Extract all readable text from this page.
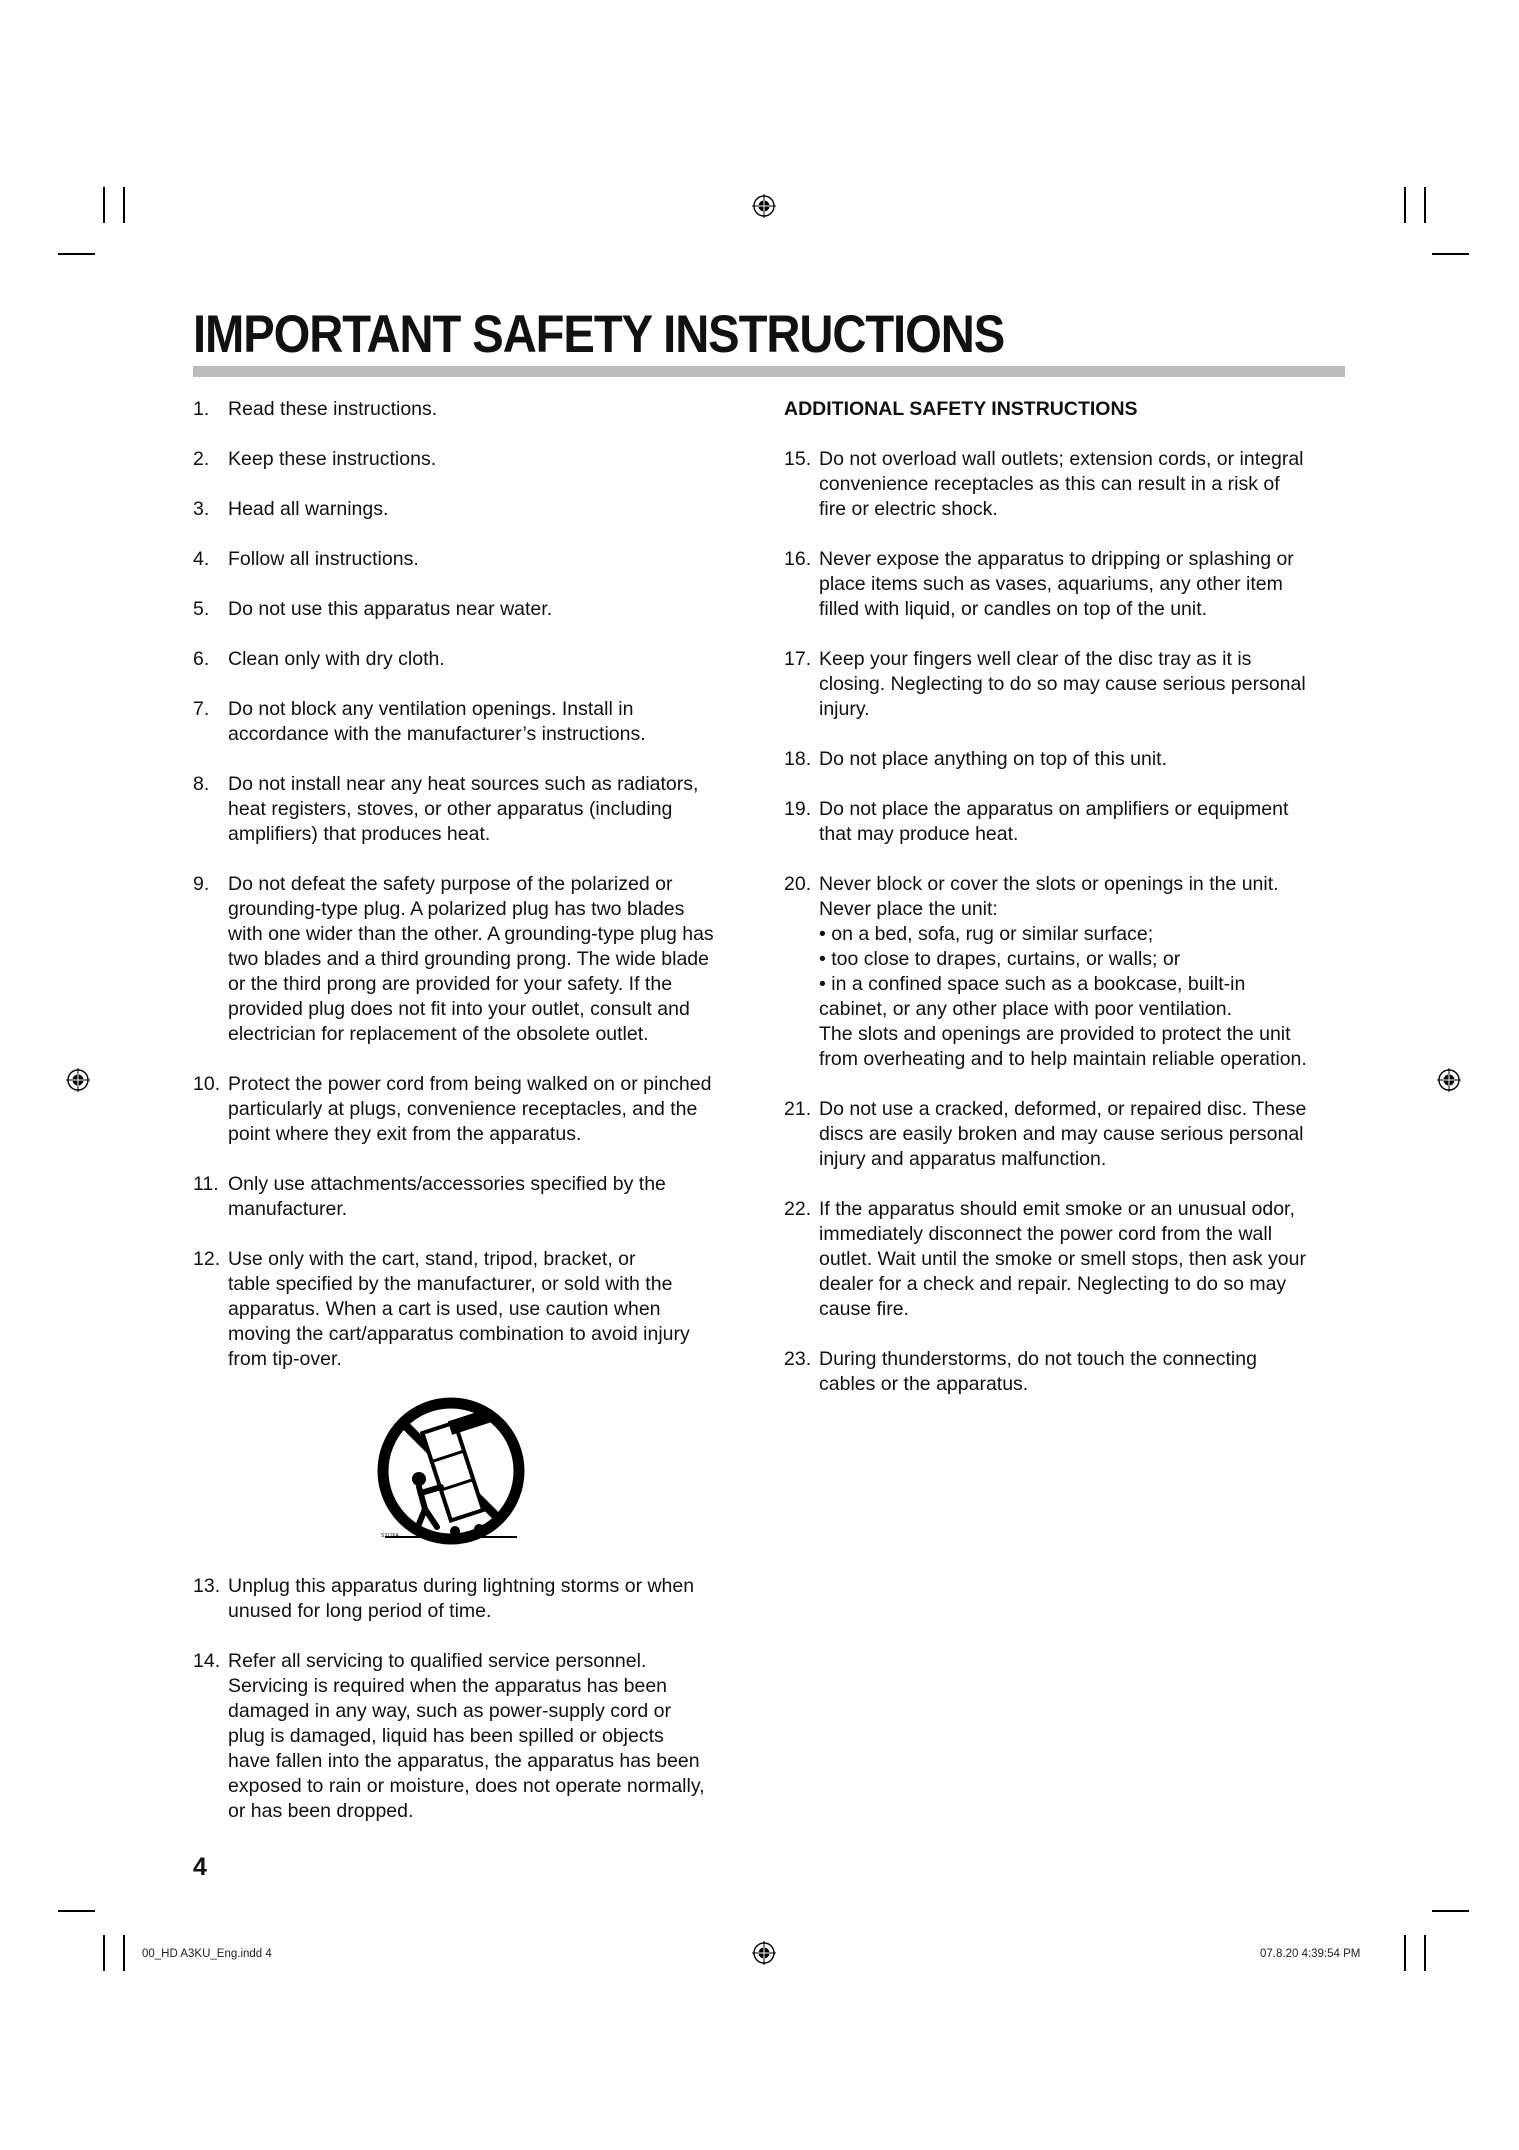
IMPORTANT SAFETY INSTRUCTIONS
1. Read these instructions.
2. Keep these instructions.
3. Head all warnings.
4. Follow all instructions.
5. Do not use this apparatus near water.
6. Clean only with dry cloth.
7. Do not block any ventilation openings. Install in
accordance with the manufacturer’s instructions.
8. Do not install near any heat sources such as radiators,
heat registers, stoves, or other apparatus (including
amplifiers) that produces heat.
9. Do not defeat the safety purpose of the polarized or
grounding-type plug. A polarized plug has two blades
with one wider than the other. A grounding-type plug has
two blades and a third grounding prong. The wide blade
or the third prong are provided for your safety. If the
provided plug does not fit into your outlet, consult and
electrician for replacement of the obsolete outlet.
10. Protect the power cord from being walked on or pinched
particularly at plugs, convenience receptacles, and the
point where they exit from the apparatus.
11. Only use attachments/accessories specified by the
manufacturer.
12. Use only with the cart, stand, tripod, bracket, or
table specified by the manufacturer, or sold with the
apparatus. When a cart is used, use caution when
moving the cart/apparatus combination to avoid injury
from tip-over.
13. Unplug this apparatus during lightning storms or when
unused for long period of time.
14. Refer all servicing to qualified service personnel.
Servicing is required when the apparatus has been
damaged in any way, such as power-supply cord or
plug is damaged, liquid has been spilled or objects
have fallen into the apparatus, the apparatus has been
exposed to rain or moisture, does not operate normally,
or has been dropped.
S3126A
ADDITIONAL SAFETY INSTRUCTIONS
15. Do not overload wall outlets; extension cords, or integral
convenience receptacles as this can result in a risk of
fire or electric shock.
16. Never expose the apparatus to dripping or splashing or
place items such as vases, aquariums, any other item
filled with liquid, or candles on top of the unit.
17. Keep your fingers well clear of the disc tray as it is
closing. Neglecting to do so may cause serious personal
injury.
18. Do not place anything on top of this unit.
19. Do not place the apparatus on amplifiers or equipment
that may produce heat.
20. Never block or cover the slots or openings in the unit.
Never place the unit:
• on a bed, sofa, rug or similar surface;
• too close to drapes, curtains, or walls; or
• in a confined space such as a bookcase, built-in
cabinet, or any other place with poor ventilation.
The slots and openings are provided to protect the unit
from overheating and to help maintain reliable operation.
21. Do not use a cracked, deformed, or repaired disc. These
discs are easily broken and may cause serious personal
injury and apparatus malfunction.
22. If the apparatus should emit smoke or an unusual odor,
immediately disconnect the power cord from the wall
outlet. Wait until the smoke or smell stops, then ask your
dealer for a check and repair. Neglecting to do so may
cause fire.
23. During thunderstorms, do not touch the connecting
cables or the apparatus.
4
00_HD A3KU_Eng.indd 4	07.8.20 4:39:54 PM
